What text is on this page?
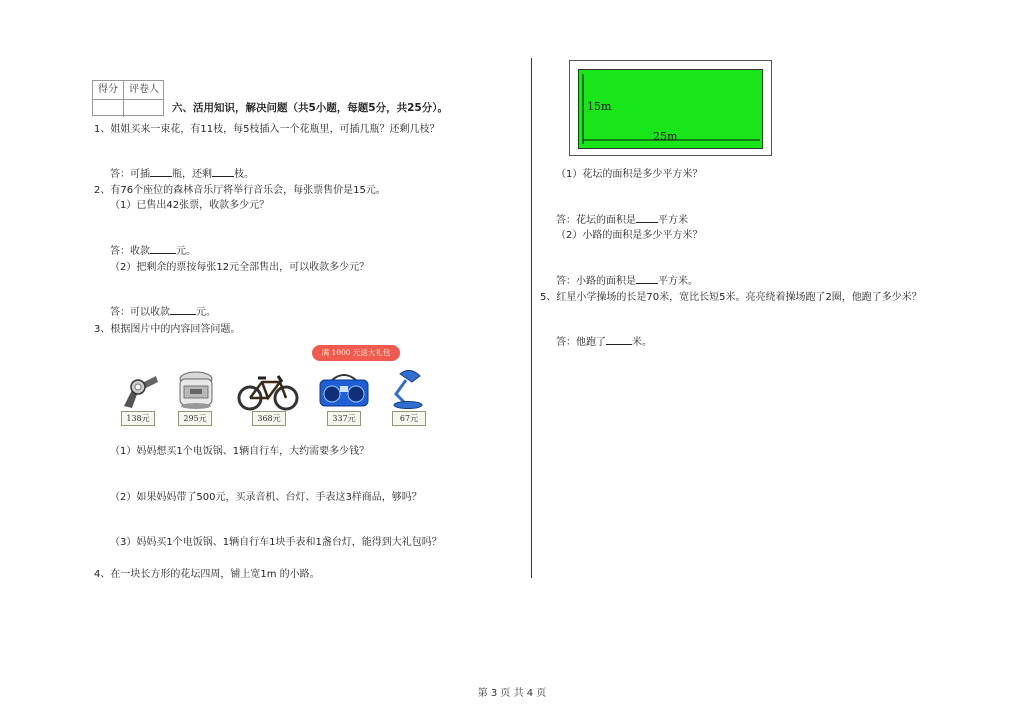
得分	评卷人
六、活用知识，解决问题（共5小题，每题5分，共25分）。
1、姐姐买来一束花，有11枝，每5枝插入一个花瓶里，可插几瓶？还剩几枝？
答：可插 瓶，还剩 枝。
2、有76个座位的森林音乐厅将举行音乐会，每张票售价是15元。
（1）已售出42张票，收款多少元？
答：收款	元。
（2）把剩余的票按每张12元全部售出，可以收款多少元？
答：可以收款	元。
3、根据图片中的内容回答问题。
满 1000 元送大礼包
138元	295元	368元	337元	67元
（1）妈妈想买1个电饭锅、1辆自行车，大约需要多少钱？
（2）如果妈妈带了500元，买录音机、台灯、手表这3样商品，够吗？
（3）妈妈买1个电饭锅、1辆自行车1块手表和1盏台灯，能得到大礼包吗？
4、在一块长方形的花坛四周，铺上宽1m 的小路。
15m
25m
（1）花坛的面积是多少平方米？
答：花坛的面积是 平方米
（2）小路的面积是多少平方米？
答：小路的面积是 平方米。
5、红星小学操场的长是70米，宽比长短5米。亮亮绕着操场跑了2圈，他跑了多少米？
答：他跑了	米。
第 3 页 共 4 页
